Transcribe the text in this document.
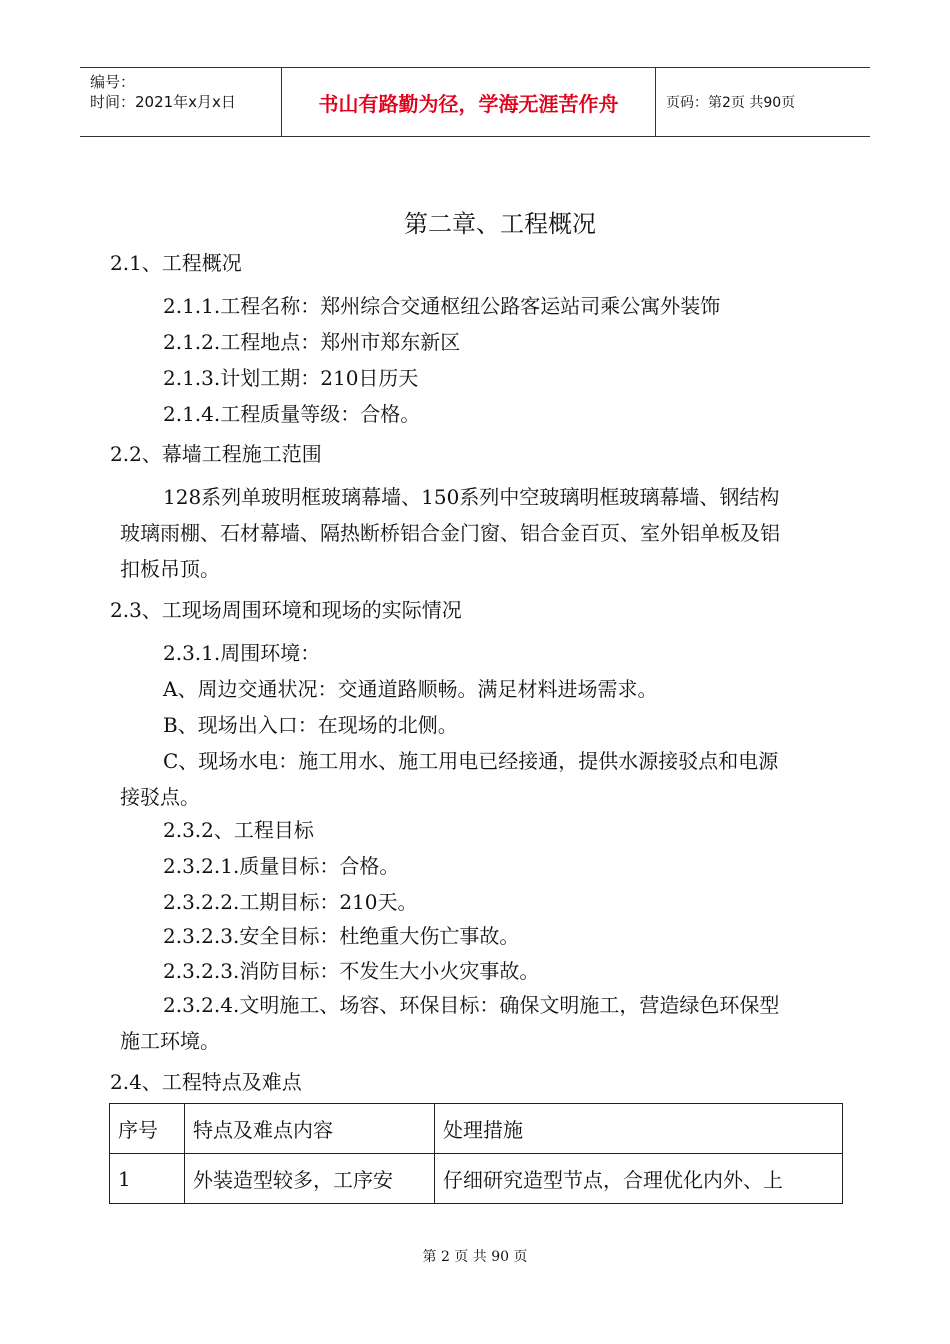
编号：
时间：2021年x月x日	书山有路勤为径，学海无涯苦作舟	页码：第2页 共90页
第二章、工程概况
2.1、工程概况
2.1.1.工程名称：郑州综合交通枢纽公路客运站司乘公寓外装饰
2.1.2.工程地点：郑州市郑东新区
2.1.3.计划工期：210日历天
2.1.4.工程质量等级：合格。
2.2、幕墙工程施工范围
128系列单玻明框玻璃幕墙、150系列中空玻璃明框玻璃幕墙、钢结构
玻璃雨棚、石材幕墙、隔热断桥铝合金门窗、铝合金百页、室外铝单板及铝
扣板吊顶。
2.3、工现场周围环境和现场的实际情况
2.3.1.周围环境：
A、周边交通状况：交通道路顺畅。满足材料进场需求。
B、现场出入口：在现场的北侧。
C、现场水电：施工用水、施工用电已经接通，提供水源接驳点和电源
接驳点。
2.3.2、工程目标
2.3.2.1.质量目标：合格。
2.3.2.2.工期目标：210天。
2.3.2.3.安全目标：杜绝重大伤亡事故。
2.3.2.3.消防目标：不发生大小火灾事故。
2.3.2.4.文明施工、场容、环保目标：确保文明施工，营造绿色环保型
施工环境。
2.4、工程特点及难点
序号	特点及难点内容	处理措施
1	外装造型较多，工序安	仔细研究造型节点，合理优化内外、上
第 2 页 共 90 页
